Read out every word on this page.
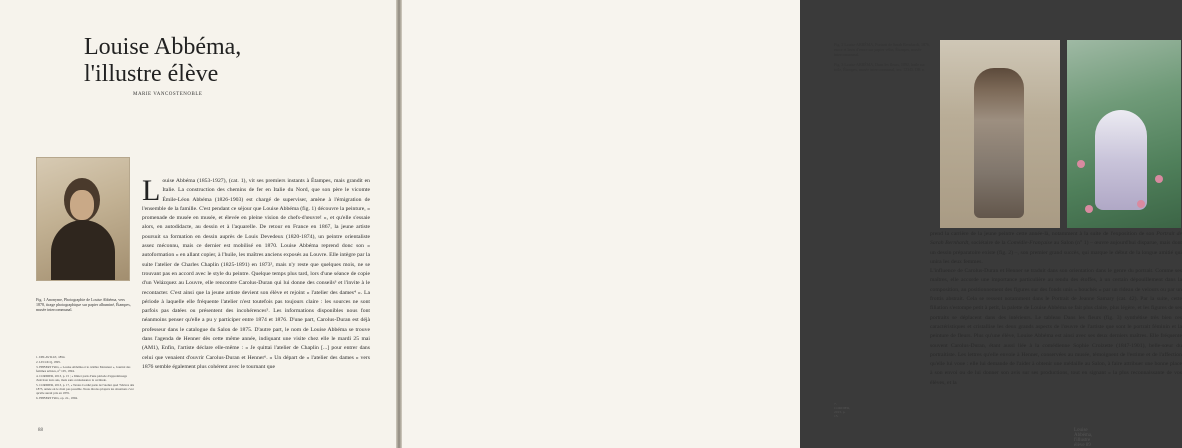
Louise Abbéma,
l'illustre élève
MARIE VANCOSTENOBLE
Fig. 1 Anonyme, Photographie de Louise Abbéma, vers 1878, tirage photographique sur papier albuminé, Étampes, musée intercommunal.
1. DELAVILLE, 1894.
2. LECOCQ, 1895.
3. HEBERT Félix, « Louise Abbéma et le célèbre Monsieur », Journal des femmes artistes, n° 105, 1894.
4. CORDIER, 2013, p. 15 ; « Imiter paris d'une période d'apprentissage d'environ trois ans, mais sans connaissance la certitude.
5. CORDIER, 2013, p. 17, « Textes Cordié parle de l'atelier quel 'l'élèves dès 1873, année où le droit pas possible. Nous dirons qu'après les situations c'est qu'elle aurait pris en 1876.
6. HEBERT Félix, op. cit., 1894.
L ouise Abbéma (1853-1927), (cat. 1), vit ses premiers instants à Étampes, mais grandit en Italie. La construction des chemins de fer en Italie du Nord, que son père le vicomte Émile-Léon Abbéma (1826-1903) est chargé de superviser, amène à l'émigration de l'ensemble de la famille. C'est pendant ce séjour que Louise Abbéma (fig. 1) découvre la peinture, « promenade de musée en musée, et élevée en pleine vision de chefs-d'œuvre! », et qu'elle s'essaie alors, en autodidacte, au dessin et à l'aquarelle. De retour en France en 1867, la jeune artiste poursuit sa formation en dessin auprès de Louis Devedeux (1820-1874), un peintre orientaliste assez méconnu, mais ce dernier est mobilisé en 1870. Louise Abbéma reprend donc son « autoformation » en allant copier, à l'huile, les maîtres anciens exposés au Louvre. Elle intègre par la suite l'atelier de Charles Chaplin (1825-1891) en 1873², mais n'y reste que quelques mois, ne se trouvant pas en accord avec le style du peintre. Quelque temps plus tard, lors d'une séance de copie d'un Velázquez au Louvre, elle rencontre Carolus-Duran qui lui donne des conseils³ et l'invite à le recontacter. C'est ainsi que la jeune artiste devient son élève et rejoint « l'atelier des dames⁴ ». La période à laquelle elle fréquente l'atelier n'est toutefois pas toujours claire : les sources ne sont parfois pas datées ou présentent des incohérences⁵. Les informations disponibles nous font néanmoins penser qu'elle a pu y participer entre 1874 et 1876. D'une part, Carolus-Duran est déjà professeur dans le catalogue du Salon de 1875. D'autre part, le nom de Louise Abbéma se trouve dans l'agenda de Henner dès cette même année, indiquant une visite chez elle le mardi 25 mai (AM1), Enfin, l'artiste déclare elle-même : « Je quittai l'atelier de Chaplin [...] pour entrer dans celui que venaient d'ouvrir Carolus-Duran et Henner⁶. » Un départ de « l'atelier des dames » vers 1876 semble également plus cohérent avec le tournant que
88

Fig. 2 Louise ABBÉMA, Portrait de Sarah Bernhardt, 1876, encre et lavis d'encre sur papier vélin, Étampes, musée intercommunal.

Fig. 3 Louise ABBÉMA, Dans les fleurs, 1892, huile sur toile, Étampes, musée intercommunal, inv. 12345. DR n.

prend la carrière de la jeune peintre cette année-là, notamment à la suite de l'exposition de son Portrait de Sarah Bernhardt, sociétaire de la Comédie-Française au Salon (n° 1) – œuvre aujourd'hui disparue, mais dont un dessin préparatoire existe (fig. 2) –, son premier grand succès, qui marque le début de la longue amitié qui unira les deux femmes.
L'influence de Carolus-Duran et Henner se traduit dans son orientation dans le genre du portrait. Comme ses maîtres, elle accorde une importance particulière au rendu des étoffes, à un certain dépouillement dans la composition, au positionnement des figures sur des fonds unis « bouchés » par un rideau de velours ou par un frottis abstrait. Cela se ressent notamment dans le Portrait de Jeanne Samary (cat. 42). Par la suite, cette filiation s'estompe petit à petit, la palette de Louise Abbéma se fait plus claire, plus légère, et les figures de ses portraits se déplacent dans des intérieurs. Le tableau Dans les fleurs (fig. 3) synthétise très bien ces caractéristiques et cristallise les deux grands aspects de l'œuvre de l'artiste que sont le portrait féminin et la peinture de fleurs. Plus qu'une élève, Louise Abbéma est ainsi avec ses deux derniers maîtres. Elle fréquente souvent Carolus-Duran, étant aussi liée à la comédienne Sophie Croizette (1847-1901), belle-sœur du portraitiste. Les lettres qu'elle envoie à Henner, conservées au musée, témoignent de l'estime et de l'affection qu'elle lui voue : elle lui demande de l'aider à obtenir une médaille au Salon, à faire attribuer une bonne place à son envoi ou de lui donner son avis sur ses productions, tout en signant « la plus reconnaissante de vos élèves, et la
7. CORDIER, 2013, p. 15.
Louise Abbéma, l'illustre élève 89
